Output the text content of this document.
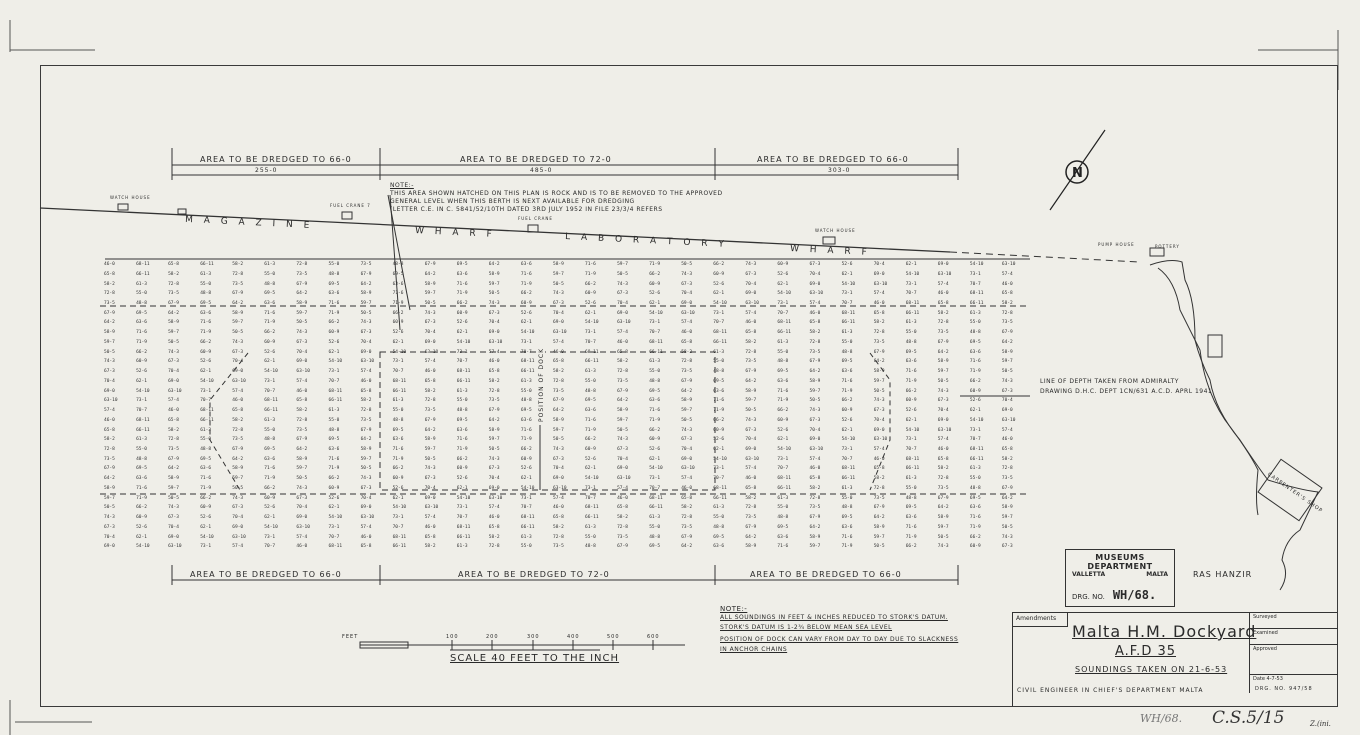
N
AREA TO BE DREDGED TO 66-0	AREA TO BE DREDGED TO 72-0	AREA TO BE DREDGED TO 66-0
255-0	485-0	303-0
AREA TO BE DREDGED TO 66-0	AREA TO BE DREDGED TO 72-0	AREA TO BE DREDGED TO 66-0
NOTE:-
THIS AREA SHOWN HATCHED ON THIS PLAN IS ROCK AND IS TO BE REMOVED TO THE APPROVED
GENERAL LEVEL WHEN THIS BERTH IS NEXT AVAILABLE FOR DREDGING
(LETTER C.E. IN C. 5841/52/10TH DATED 3RD JULY 1952 IN FILE 23/3/4 REFERS
M A G A Z I N E
W H A R F	L A B O R A T O R Y
W H A R F
WATCH HOUSE
FUEL CRANE 7
FUEL CRANE
WATCH HOUSE
PUMP HOUSE	POTTERY
CARPENTER'S SHOP
46-0	68-11	65-8	66-11	58-2	61-3	72-8	55-0	73-5	48-8	67-9	69-5	64-2	63-6	58-9	71-6	59-7	71-9	50-5	66-2	74-3	60-9	67-3	52-6	70-4	62-1	69-0	54-10	63-10
65-8	66-11	58-2	61-3	72-8	55-0	73-5	48-8	67-9	69-5	64-2	63-6	58-9	71-6	59-7	71-9	50-5	66-2	74-3	60-9	67-3	52-6	70-4	62-1	69-0	54-10	63-10	73-1	57-4
58-2	61-3	72-8	55-0	73-5	48-8	67-9	69-5	64-2	63-6	58-9	71-6	59-7	71-9	50-5	66-2	74-3	60-9	67-3	52-6	70-4	62-1	69-0	54-10	63-10	73-1	57-4	70-7	46-0
72-8	55-0	73-5	48-8	67-9	69-5	64-2	63-6	58-9	71-6	59-7	71-9	50-5	66-2	74-3	60-9	67-3	52-6	70-4	62-1	69-0	54-10	63-10	73-1	57-4	70-7	46-0	68-11	65-8
73-5	48-8	67-9	69-5	64-2	63-6	58-9	71-6	59-7	71-9	50-5	66-2	74-3	60-9	67-3	52-6	70-4	62-1	69-0	54-10	63-10	73-1	57-4	70-7	46-0	68-11	65-8	66-11	58-2
67-9	69-5	64-2	63-6	58-9	71-6	59-7	71-9	50-5	66-2	74-3	60-9	67-3	52-6	70-4	62-1	69-0	54-10	63-10	73-1	57-4	70-7	46-0	68-11	65-8	66-11	58-2	61-3	72-8
64-2	63-6	58-9	71-6	59-7	71-9	50-5	66-2	74-3	60-9	67-3	52-6	70-4	62-1	69-0	54-10	63-10	73-1	57-4	70-7	46-0	68-11	65-8	66-11	58-2	61-3	72-8	55-0	73-5
58-9	71-6	59-7	71-9	50-5	66-2	74-3	60-9	67-3	52-6	70-4	62-1	69-0	54-10	63-10	73-1	57-4	70-7	46-0	68-11	65-8	66-11	58-2	61-3	72-8	55-0	73-5	48-8	67-9
59-7	71-9	50-5	66-2	74-3	60-9	67-3	52-6	70-4	62-1	69-0	54-10	63-10	73-1	57-4	70-7	46-0	68-11	65-8	66-11	58-2	61-3	72-8	55-0	73-5	48-8	67-9	69-5	64-2
50-5	66-2	74-3	60-9	67-3	52-6	70-4	62-1	69-0	54-10	63-10	73-1	57-4	70-7	46-0	68-11	65-8	66-11	58-2	61-3	72-8	55-0	73-5	48-8	67-9	69-5	64-2	63-6	58-9
74-3	60-9	67-3	52-6	70-4	62-1	69-0	54-10	63-10	73-1	57-4	70-7	46-0	68-11	65-8	66-11	58-2	61-3	72-8	55-0	73-5	48-8	67-9	69-5	64-2	63-6	58-9	71-6	59-7
67-3	52-6	70-4	62-1	69-0	54-10	63-10	73-1	57-4	70-7	46-0	68-11	65-8	66-11	58-2	61-3	72-8	55-0	73-5	48-8	67-9	69-5	64-2	63-6	58-9	71-6	59-7	71-9	50-5
70-4	62-1	69-0	54-10	63-10	73-1	57-4	70-7	46-0	68-11	65-8	66-11	58-2	61-3	72-8	55-0	73-5	48-8	67-9	69-5	64-2	63-6	58-9	71-6	59-7	71-9	50-5	66-2	74-3
69-0	54-10	63-10	73-1	57-4	70-7	46-0	68-11	65-8	66-11	58-2	61-3	72-8	55-0	73-5	48-8	67-9	69-5	64-2	63-6	58-9	71-6	59-7	71-9	50-5	66-2	74-3	60-9	67-3
63-10	73-1	57-4	70-7	46-0	68-11	65-8	66-11	58-2	61-3	72-8	55-0	73-5	48-8	67-9	69-5	64-2	63-6	58-9	71-6	59-7	71-9	50-5	66-2	74-3	60-9	67-3	52-6	70-4
57-4	70-7	46-0	68-11	65-8	66-11	58-2	61-3	72-8	55-0	73-5	48-8	67-9	69-5	64-2	63-6	58-9	71-6	59-7	71-9	50-5	66-2	74-3	60-9	67-3	52-6	70-4	62-1	69-0
46-0	68-11	65-8	66-11	58-2	61-3	72-8	55-0	73-5	48-8	67-9	69-5	64-2	63-6	58-9	71-6	59-7	71-9	50-5	66-2	74-3	60-9	67-3	52-6	70-4	62-1	69-0	54-10	63-10
65-8	66-11	58-2	61-3	72-8	55-0	73-5	48-8	67-9	69-5	64-2	63-6	58-9	71-6	59-7	71-9	50-5	66-2	74-3	60-9	67-3	52-6	70-4	62-1	69-0	54-10	63-10	73-1	57-4
58-2	61-3	72-8	55-0	73-5	48-8	67-9	69-5	64-2	63-6	58-9	71-6	59-7	71-9	50-5	66-2	74-3	60-9	67-3	52-6	70-4	62-1	69-0	54-10	63-10	73-1	57-4	70-7	46-0
72-8	55-0	73-5	48-8	67-9	69-5	64-2	63-6	58-9	71-6	59-7	71-9	50-5	66-2	74-3	60-9	67-3	52-6	70-4	62-1	69-0	54-10	63-10	73-1	57-4	70-7	46-0	68-11	65-8
73-5	48-8	67-9	69-5	64-2	63-6	58-9	71-6	59-7	71-9	50-5	66-2	74-3	60-9	67-3	52-6	70-4	62-1	69-0	54-10	63-10	73-1	57-4	70-7	46-0	68-11	65-8	66-11	58-2
67-9	69-5	64-2	63-6	58-9	71-6	59-7	71-9	50-5	66-2	74-3	60-9	67-3	52-6	70-4	62-1	69-0	54-10	63-10	73-1	57-4	70-7	46-0	68-11	65-8	66-11	58-2	61-3	72-8
64-2	63-6	58-9	71-6	59-7	71-9	50-5	66-2	74-3	60-9	67-3	52-6	70-4	62-1	69-0	54-10	63-10	73-1	57-4	70-7	46-0	68-11	65-8	66-11	58-2	61-3	72-8	55-0	73-5
58-9	71-6	59-7	71-9	50-5	66-2	74-3	60-9	67-3	52-6	70-4	62-1	69-0	54-10	63-10	73-1	57-4	70-7	46-0	68-11	65-8	66-11	58-2	61-3	72-8	55-0	73-5	48-8	67-9
59-7	71-9	50-5	66-2	74-3	60-9	67-3	52-6	70-4	62-1	69-0	54-10	63-10	73-1	57-4	70-7	46-0	68-11	65-8	66-11	58-2	61-3	72-8	55-0	73-5	48-8	67-9	69-5	64-2
50-5	66-2	74-3	60-9	67-3	52-6	70-4	62-1	69-0	54-10	63-10	73-1	57-4	70-7	46-0	68-11	65-8	66-11	58-2	61-3	72-8	55-0	73-5	48-8	67-9	69-5	64-2	63-6	58-9
74-3	60-9	67-3	52-6	70-4	62-1	69-0	54-10	63-10	73-1	57-4	70-7	46-0	68-11	65-8	66-11	58-2	61-3	72-8	55-0	73-5	48-8	67-9	69-5	64-2	63-6	58-9	71-6	59-7
67-3	52-6	70-4	62-1	69-0	54-10	63-10	73-1	57-4	70-7	46-0	68-11	65-8	66-11	58-2	61-3	72-8	55-0	73-5	48-8	67-9	69-5	64-2	63-6	58-9	71-6	59-7	71-9	50-5
70-4	62-1	69-0	54-10	63-10	73-1	57-4	70-7	46-0	68-11	65-8	66-11	58-2	61-3	72-8	55-0	73-5	48-8	67-9	69-5	64-2	63-6	58-9	71-6	59-7	71-9	50-5	66-2	74-3
69-0	54-10	63-10	73-1	57-4	70-7	46-0	68-11	65-8	66-11	58-2	61-3	72-8	55-0	73-5	48-8	67-9	69-5	64-2	63-6	58-9	71-6	59-7	71-9	50-5	66-2	74-3	60-9	67-3
POSITION OF DOCK	LINE OF DEPTH TAKEN FROM ADMIRALTY
DRAWING D.H.C. DEPT 1CN/631 A.C.D. APRL 1941
RAS HANZIR
NOTE:-
ALL SOUNDINGS IN FEET & INCHES REDUCED TO STORK'S DATUM.
STORK'S DATUM IS 1-2¾ BELOW MEAN SEA LEVEL
POSITION OF DOCK CAN VARY FROM DAY TO DAY DUE TO SLACKNESS
IN ANCHOR CHAINS
FEET	100	200	300	400	500	600
SCALE 40 FEET TO THE INCH
MUSEUMS DEPARTMENT
VALLETTA	MALTA
DRG. NO. WH/68.
Amendments	Surveyed
Examined
Approved
Date 4-7-53
Malta H.M. Dockyard
A.F.D 35
SOUNDINGS TAKEN ON 21-6-53
CIVIL ENGINEER IN CHIEF'S DEPARTMENT MALTA	DRG. NO. 947/58
C.S.5/15
WH/68.	Z.(ini.
